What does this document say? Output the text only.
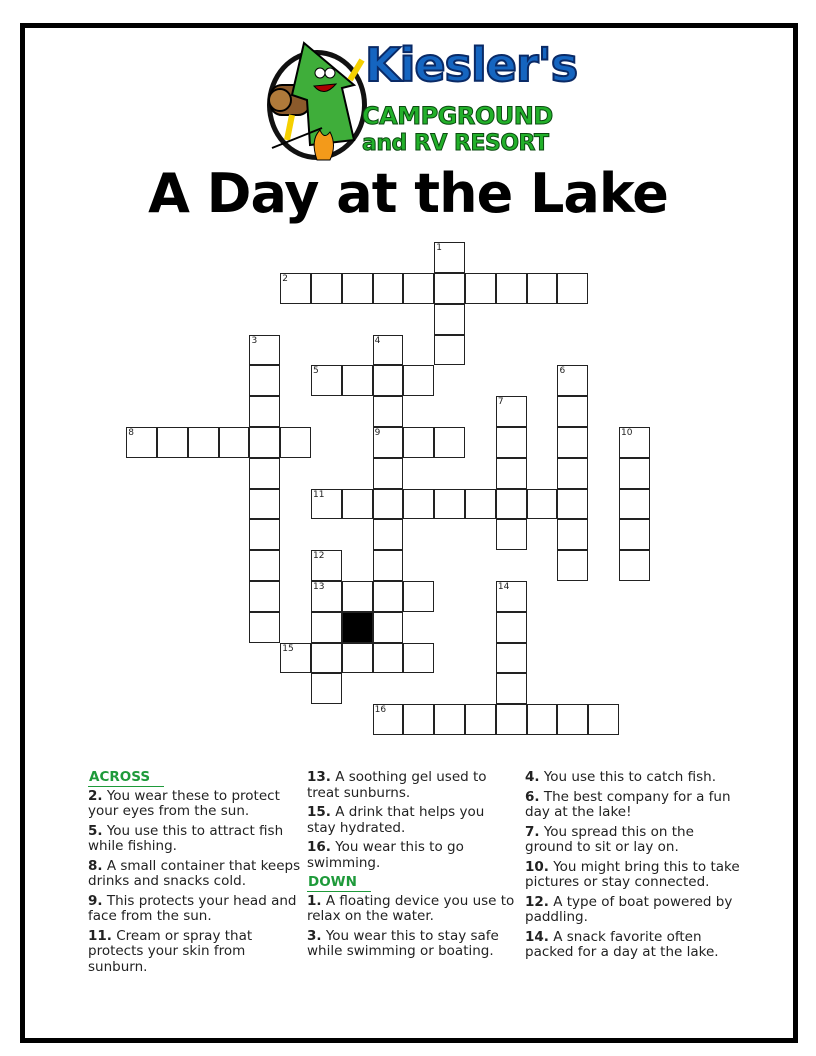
Kiesler's
CAMPGROUND
and RV RESORT
A Day at the Lake
1
2
3	4
9
5	6
7
8	10
11
12
13	14
15
16
ACROSS
2. You wear these to protect your eyes from the sun.
5. You use this to attract fish while fishing.
8. A small container that keeps drinks and snacks cold.
9. This protects your head and face from the sun.
11. Cream or spray that protects your skin from sunburn.
13. A soothing gel used to treat sunburns.
15. A drink that helps you stay hydrated.
16. You wear this to go swimming.
DOWN
1. A floating device you use to relax on the water.
3. You wear this to stay safe while swimming or boating.
4. You use this to catch fish.
6. The best company for a fun day at the lake!
7. You spread this on the ground to sit or lay on.
10. You might bring this to take pictures or stay connected.
12. A type of boat powered by paddling.
14. A snack favorite often packed for a day at the lake.
